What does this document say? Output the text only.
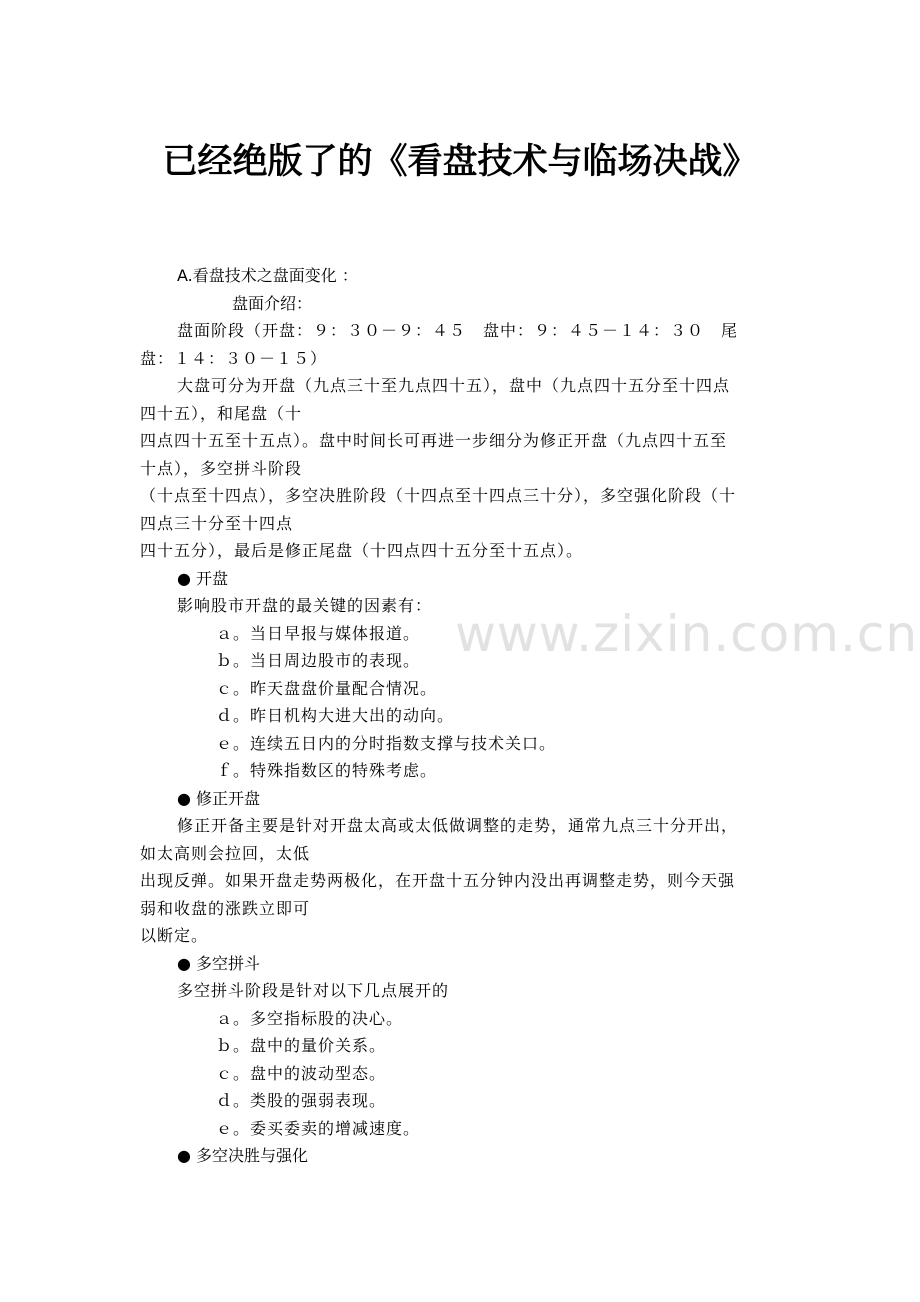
已经绝版了的《看盘技术与临场决战》
www.zixin.com.cn
A.看盘技术之盘面变化 ：
盘面介绍：
盘面阶段（开盘：９：３０－９：４５　盘中：９：４５－１４：３０　尾
盘：１４：３０－１５）
大盘可分为开盘（九点三十至九点四十五），盘中（九点四十五分至十四点
四十五），和尾盘（十
四点四十五至十五点）。盘中时间长可再进一步细分为修正开盘（九点四十五至
十点），多空拼斗阶段
（十点至十四点），多空决胜阶段（十四点至十四点三十分），多空强化阶段（十
四点三十分至十四点
四十五分），最后是修正尾盘（十四点四十五分至十五点）。
● 开盘
影响股市开盘的最关键的因素有：
ａ。当日早报与媒体报道。
ｂ。当日周边股市的表现。
ｃ。昨天盘盘价量配合情况。
ｄ。昨日机构大进大出的动向。
ｅ。连续五日内的分时指数支撑与技术关口。
ｆ。特殊指数区的特殊考虑。
● 修正开盘
修正开备主要是针对开盘太高或太低做调整的走势，通常九点三十分开出，
如太高则会拉回，太低
出现反弹。如果开盘走势两极化，在开盘十五分钟内没出再调整走势，则今天强
弱和收盘的涨跌立即可
以断定。
● 多空拼斗
多空拼斗阶段是针对以下几点展开的
ａ。多空指标股的决心。
ｂ。盘中的量价关系。
ｃ。盘中的波动型态。
ｄ。类股的强弱表现。
ｅ。委买委卖的增减速度。
● 多空决胜与强化
